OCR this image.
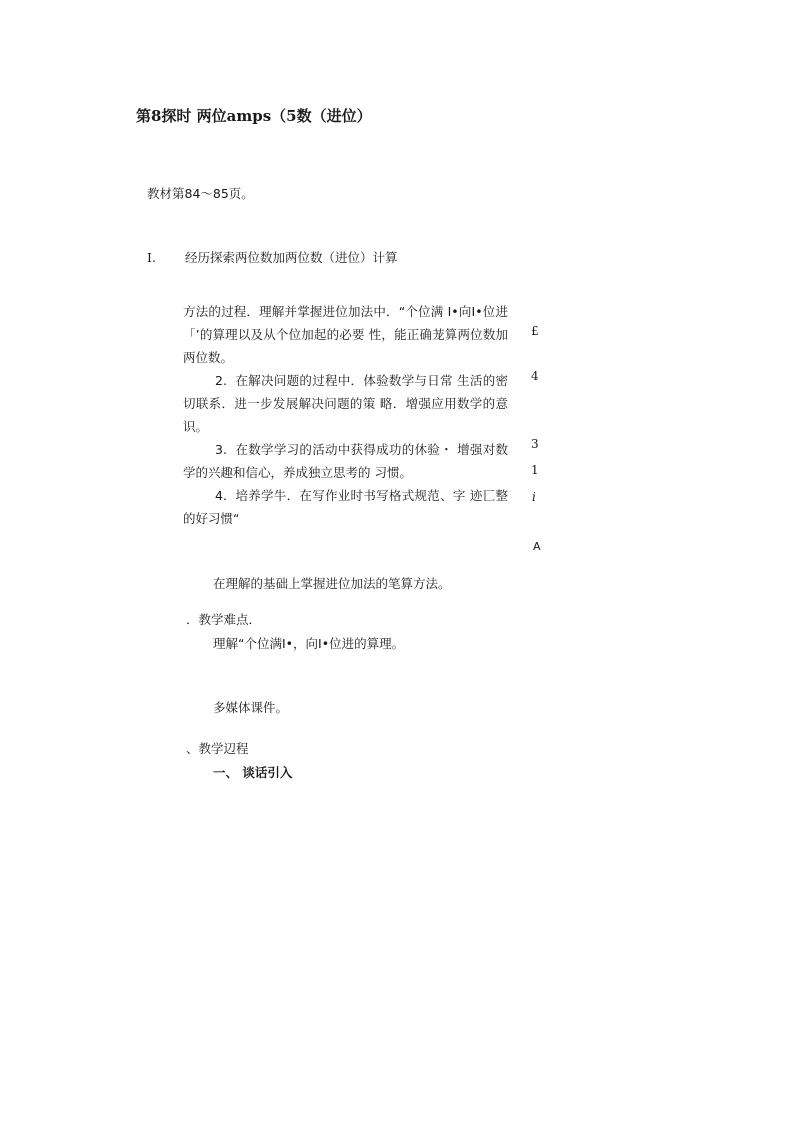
第8探时 两位amps（5数（进位）
教材第84～85页。
I. 经历探索两位数加两位数（进位）计算
方法的过程．理解并掌握进位加法中．“个位满 I•向I•位进「’的算理以及从个位加起的必要 性，能正确茏算两位数加两位数。
2. 在解决问题的过程中．体验数学与日常 生活的密切联系．进一步发展解决问题的策 略．增强应用数学的意识。
3. 在数学学习的活动中获得成功的休验・ 增强对数学的兴趣和信心，养成独立思考的 习惯。
4. 培养学牛．在写作业时书写格式规范、字 迹匸整的好习惯“
£
4
3
1
i
A
在理解的基础上掌握进位加法的笔算方法。
．教学难点．
理解“个位满I•，向I•位进的算理。
多媒体课件。
、教学辺程
一、 谈话引入
